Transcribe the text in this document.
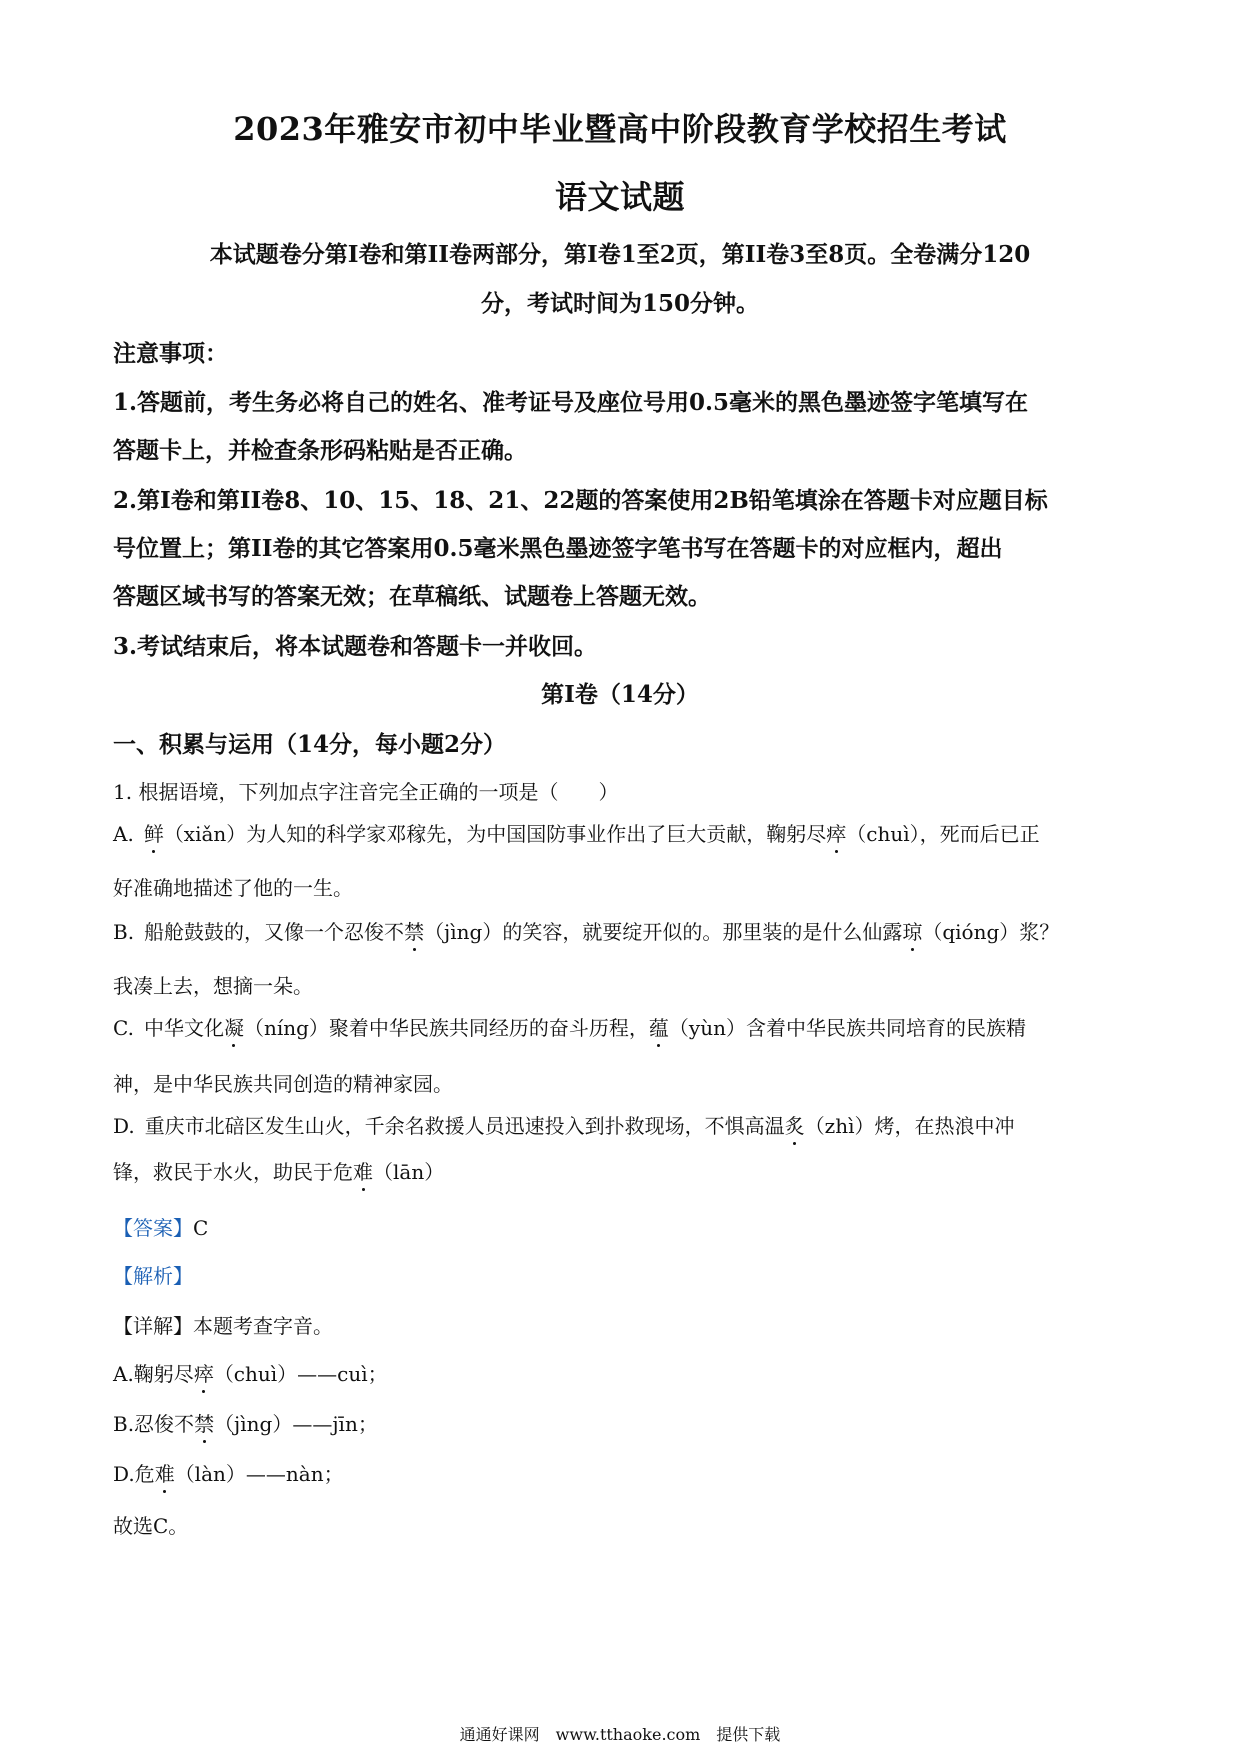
2023年雅安市初中毕业暨高中阶段教育学校招生考试
语文试题
本试题卷分第Ⅰ卷和第II卷两部分，第Ⅰ卷1至2页，第II卷3至8页。全卷满分120
分，考试时间为150分钟。
注意事项：
1.答题前，考生务必将自己的姓名、准考证号及座位号用0.5毫米的黑色墨迹签字笔填写在
答题卡上，并检查条形码粘贴是否正确。
2.第Ⅰ卷和第II卷8、10、15、18、21、22题的答案使用2B铅笔填涂在答题卡对应题目标
号位置上；第II卷的其它答案用0.5毫米黑色墨迹签字笔书写在答题卡的对应框内，超出
答题区域书写的答案无效；在草稿纸、试题卷上答题无效。
3.考试结束后，将本试题卷和答题卡一并收回。
第Ⅰ卷（14分）
一、积累与运用（14分，每小题2分）
1. 根据语境，下列加点字注音完全正确的一项是（　　）
A.  鲜（xiǎn）为人知的科学家邓稼先，为中国国防事业作出了巨大贡献，鞠躬尽瘁（chuì），死而后已正
好准确地描述了他的一生。
B.  船舱鼓鼓的，又像一个忍俊不禁（jìng）的笑容，就要绽开似的。那里装的是什么仙露琼（qióng）浆？
我凑上去，想摘一朵。
C.  中华文化凝（níng）聚着中华民族共同经历的奋斗历程，蕴（yùn）含着中华民族共同培育的民族精
神，是中华民族共同创造的精神家园。
D.  重庆市北碚区发生山火，千余名救援人员迅速投入到扑救现场，不惧高温炙（zhì）烤，在热浪中冲
锋，救民于水火，助民于危难（lān）
【答案】C
【解析】
【详解】本题考查字音。
A.鞠躬尽瘁（chuì）——cuì；
B.忍俊不禁（jìng）——jīn；
D.危难（làn）——nàn；
故选C。
通通好课网　www.tthaoke.com　提供下载
